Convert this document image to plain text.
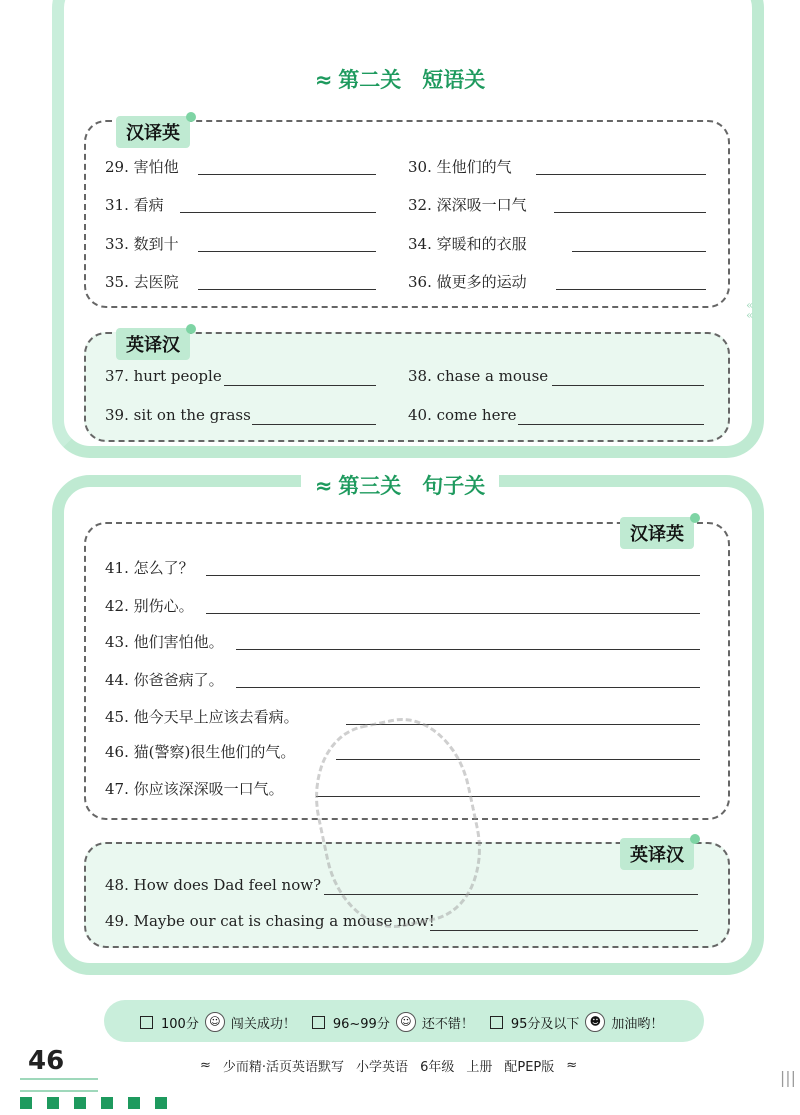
«
«
≈ 第二关　短语关
汉译英
29. 害怕他	30. 生他们的气
31. 看病	32. 深深吸一口气
33. 数到十	34. 穿暖和的衣服
35. 去医院	36. 做更多的运动
英译汉
37. hurt people	38. chase a mouse
39. sit on the grass	40. come here
≈ 第三关　句子关
汉译英
41. 怎么了？
42. 别伤心。
43. 他们害怕他。
44. 你爸爸病了。
45. 他今天早上应该去看病。
46. 猫(警察)很生他们的气。
47. 你应该深深吸一口气。
英译汉
48. How does Dad feel now?
49. Maybe our cat is chasing a mouse now!
100分 ☺ 闯关成功！	96~99分 ☺ 还不错！	95分及以下 ☻ 加油哟！
46	≈ 少而精·活页英语默写 小学英语 6年级 上册 配PEP版 ≈
|||
